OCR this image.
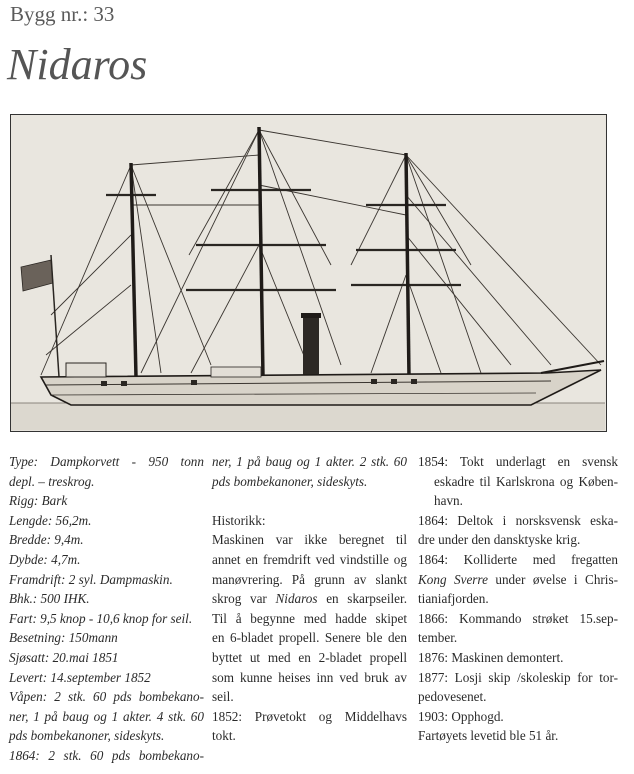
Bygg nr.: 33
Nidaros
Type: Dampkorvett - 950 tonn
depl. – treskrog.
Rigg: Bark
Lengde: 56,2m.
Bredde: 9,4m.
Dybde: 4,7m.
Framdrift: 2 syl. Dampmaskin.
Bhk.: 500 IHK.
Fart: 9,5 knop - 10,6 knop for seil.
Besetning: 150mann
Sjøsatt: 20.mai 1851
Levert: 14.september 1852
Våpen: 2 stk. 60 pds bombekano-
ner, 1 på baug og 1 akter. 4 stk. 60
pds bombekanoner, sideskyts.
1864: 2 stk. 60 pds bombekano-
ner, 1 på baug og 1 akter. 2 stk. 60
pds bombekanoner, sideskyts.
Historikk:
Maskinen var ikke beregnet til
annet en fremdrift ved vindstille og
manøvrering. På grunn av slankt
skrog var Nidaros en skarpseiler.
Til å begynne med hadde skipet
en 6-bladet propell. Senere ble den
byttet ut med en 2-bladet propell
som kunne heises inn ved bruk av
seil.
1852: Prøvetokt og Middelhavs
tokt.
1854: Tokt underlagt en svensk
eskadre til Karlskrona og Køben-
havn.
1864: Deltok i norsksvensk eska-
dre under den dansktyske krig.
1864: Kolliderte med fregatten
Kong Sverre under øvelse i Chris-
tianiafjorden.
1866: Kommando strøket 15.sep-
tember.
1876: Maskinen demontert.
1877: Losji skip /skoleskip for tor-
pedovesenet.
1903: Opphogd.
Fartøyets levetid ble 51 år.
